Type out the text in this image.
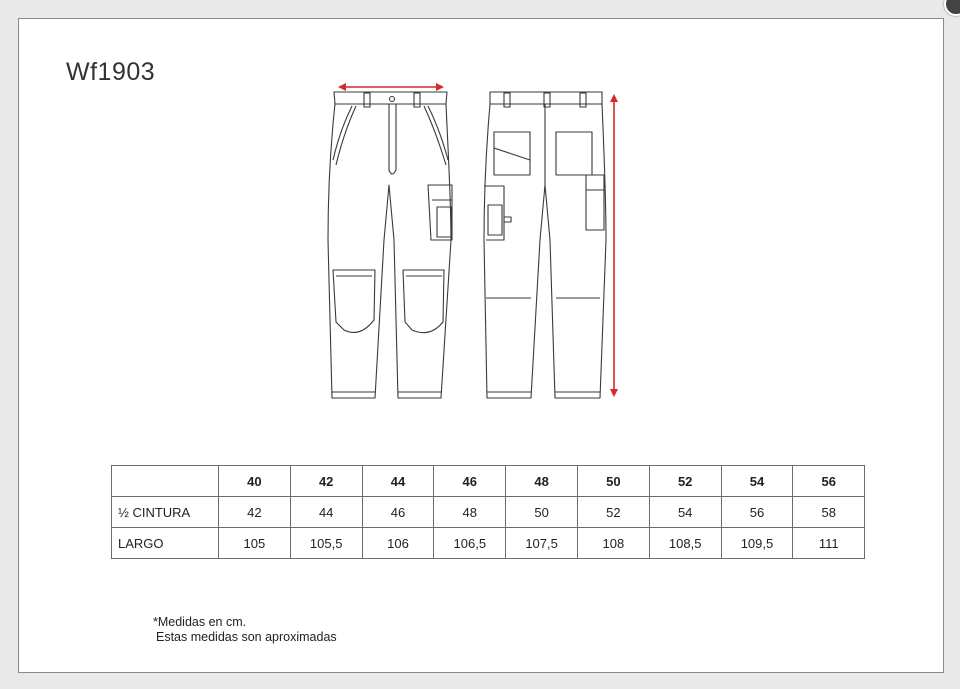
Wf1903
	40	42	44	46	48	50	52	54	56
½ CINTURA	42	44	46	48	50	52	54	56	58
LARGO	105	105,5	106	106,5	107,5	108	108,5	109,5	111
*Medidas en cm.
Estas medidas son aproximadas
